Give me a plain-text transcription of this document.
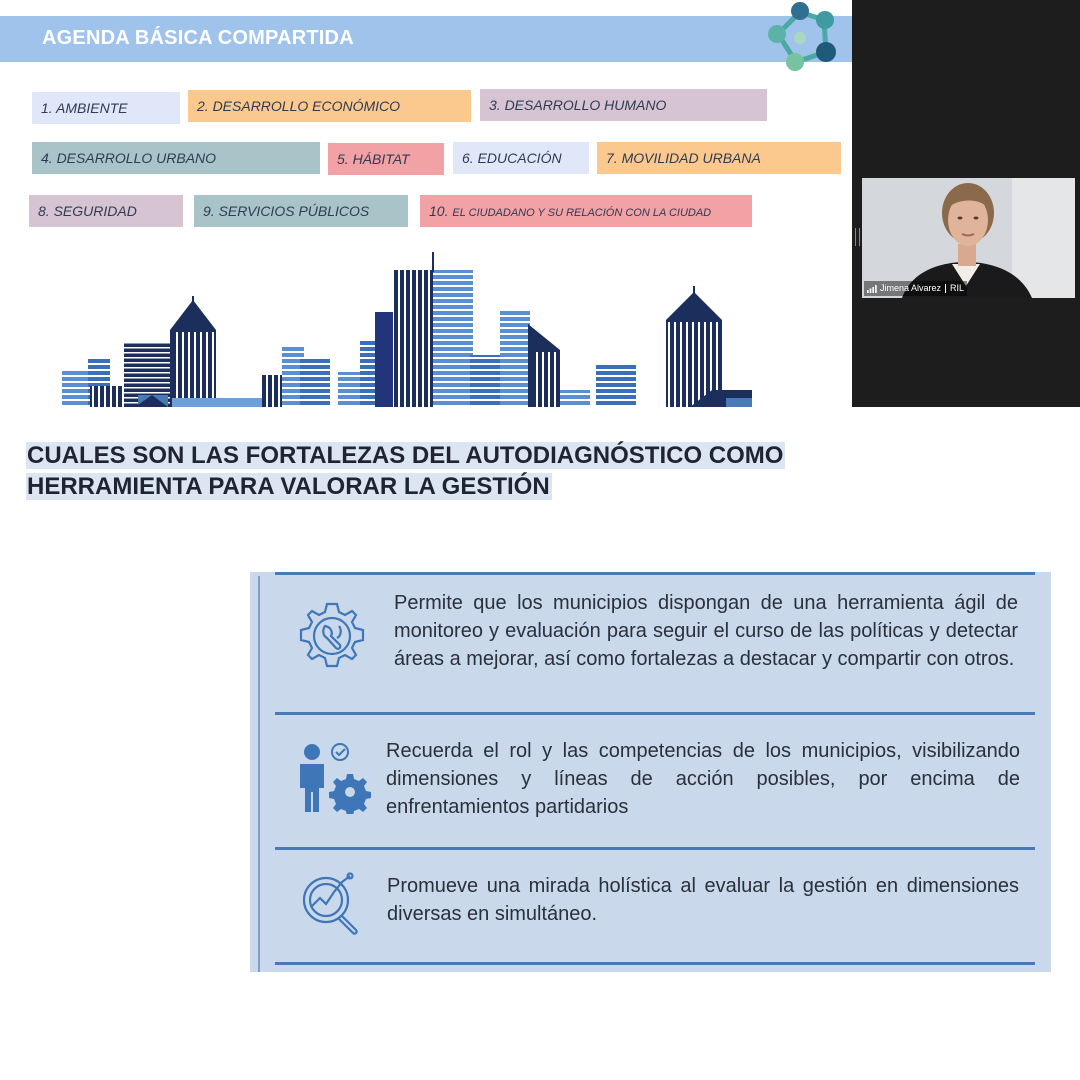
AGENDA BÁSICA COMPARTIDA
1. AMBIENTE	2. DESARROLLO ECONÓMICO	3. DESARROLLO HUMANO
4. DESARROLLO URBANO	5. HÁBITAT	6. EDUCACIÓN	7. MOVILIDAD URBANA
8. SEGURIDAD	9. SERVICIOS PÚBLICOS	10. EL CIUDADANO Y SU RELACIÓN CON LA CIUDAD
Jimena Alvarez RIL
CUALES SON LAS FORTALEZAS DEL AUTODIAGNÓSTICO COMO
HERRAMIENTA PARA VALORAR LA GESTIÓN
Permite que los municipios dispongan de una herramienta ágil de monitoreo y evaluación para seguir el curso de las políticas y detectar áreas a mejorar, así como fortalezas a destacar y compartir con otros.
Recuerda el rol y las competencias de los municipios, visibilizando dimensiones y líneas de acción posibles, por encima de enfrentamientos partidarios
Promueve una mirada holística al evaluar la gestión en dimensiones diversas en simultáneo.
